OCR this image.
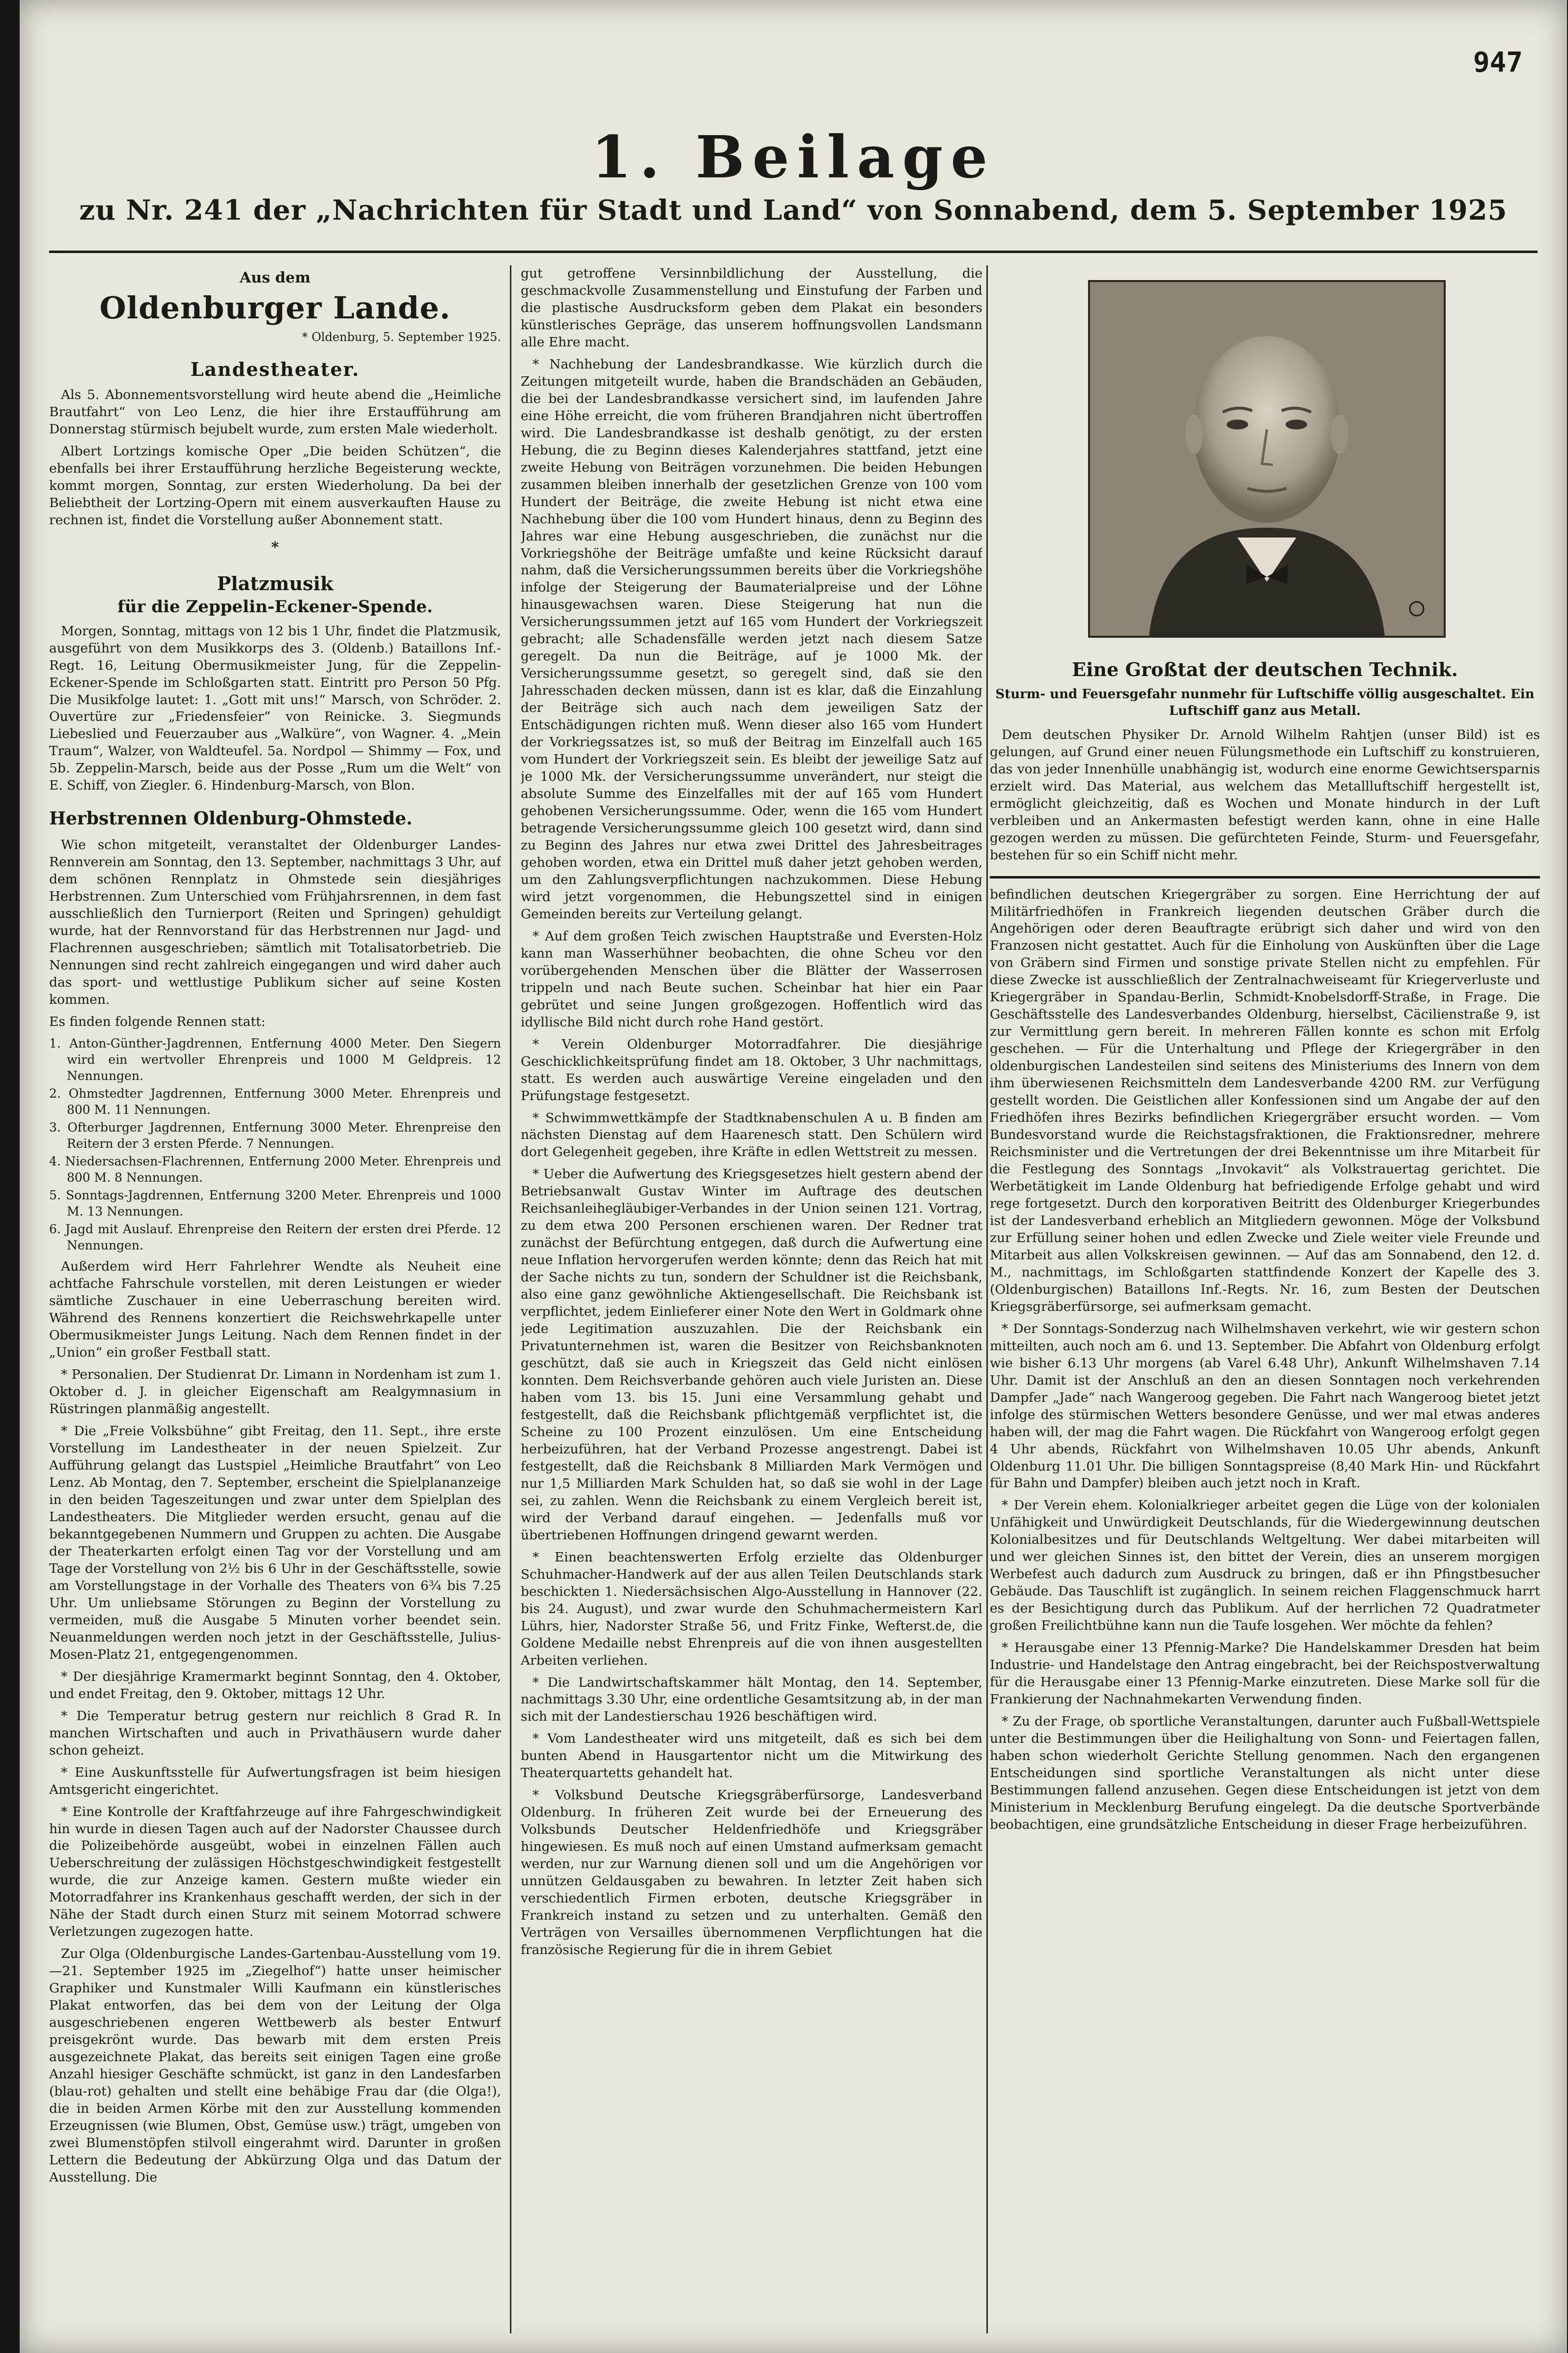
947
1. Beilage
zu Nr. 241 der „Nachrichten für Stadt und Land“ von Sonnabend, dem 5. September 1925
Aus dem
Oldenburger Lande.
* Oldenburg, 5. September 1925.
Landestheater.

Als 5. Abonnementsvorstellung wird heute abend die „Heimliche Brautfahrt“ von Leo Lenz, die hier ihre Erstaufführung am Donnerstag stürmisch bejubelt wurde, zum ersten Male wiederholt.

Albert Lortzings komische Oper „Die beiden Schützen“, die ebenfalls bei ihrer Erstaufführung herzliche Begeisterung weckte, kommt morgen, Sonntag, zur ersten Wiederholung. Da bei der Beliebtheit der Lortzing-Opern mit einem ausverkauften Hause zu rechnen ist, findet die Vorstellung außer Abonnement statt.

*
Platzmusik
für die Zeppelin-Eckener-Spende.

Morgen, Sonntag, mittags von 12 bis 1 Uhr, findet die Platzmusik, ausgeführt von dem Musikkorps des 3. (Oldenb.) Bataillons Inf.-Regt. 16, Leitung Obermusikmeister Jung, für die Zeppelin-Eckener-Spende im Schloßgarten statt. Eintritt pro Person 50 Pfg. Die Musikfolge lautet: 1. „Gott mit uns!“ Marsch, von Schröder. 2. Ouvertüre zur „Friedensfeier“ von Reinicke. 3. Siegmunds Liebeslied und Feuerzauber aus „Walküre“, von Wagner. 4. „Mein Traum“, Walzer, von Waldteufel. 5a. Nordpol — Shimmy — Fox, und 5b. Zeppelin-Marsch, beide aus der Posse „Rum um die Welt“ von E. Schiff, von Ziegler. 6. Hindenburg-Marsch, von Blon.

Herbstrennen Oldenburg-Ohmstede.

Wie schon mitgeteilt, veranstaltet der Oldenburger Landes-Rennverein am Sonntag, den 13. September, nachmittags 3 Uhr, auf dem schönen Rennplatz in Ohmstede sein diesjähriges Herbstrennen. Zum Unterschied vom Frühjahrsrennen, in dem fast ausschließlich den Turnierport (Reiten und Springen) gehuldigt wurde, hat der Rennvorstand für das Herbstrennen nur Jagd- und Flachrennen ausgeschrieben; sämtlich mit Totalisatorbetrieb. Die Nennungen sind recht zahlreich eingegangen und wird daher auch das sport- und wettlustige Publikum sicher auf seine Kosten kommen.

Es finden folgende Rennen statt:

1. Anton-Günther-Jagdrennen, Entfernung 4000 Meter. Den Siegern wird ein wertvoller Ehrenpreis und 1000 M Geldpreis. 12 Nennungen.
2. Ohmstedter Jagdrennen, Entfernung 3000 Meter. Ehrenpreis und 800 M. 11 Nennungen.
3. Ofterburger Jagdrennen, Entfernung 3000 Meter. Ehrenpreise den Reitern der 3 ersten Pferde. 7 Nennungen.
4. Niedersachsen-Flachrennen, Entfernung 2000 Meter. Ehrenpreis und 800 M. 8 Nennungen.
5. Sonntags-Jagdrennen, Entfernung 3200 Meter. Ehrenpreis und 1000 M. 13 Nennungen.
6. Jagd mit Auslauf. Ehrenpreise den Reitern der ersten drei Pferde. 12 Nennungen.

Außerdem wird Herr Fahrlehrer Wendte als Neuheit eine achtfache Fahrschule vorstellen, mit deren Leistungen er wieder sämtliche Zuschauer in eine Ueberraschung bereiten wird. Während des Rennens konzertiert die Reichswehrkapelle unter Obermusikmeister Jungs Leitung. Nach dem Rennen findet in der „Union“ ein großer Festball statt.

* Personalien. Der Studienrat Dr. Limann in Nordenham ist zum 1. Oktober d. J. in gleicher Eigenschaft am Realgymnasium in Rüstringen planmäßig angestellt.

* Die „Freie Volksbühne“ gibt Freitag, den 11. Sept., ihre erste Vorstellung im Landestheater in der neuen Spielzeit. Zur Aufführung gelangt das Lustspiel „Heimliche Brautfahrt“ von Leo Lenz. Ab Montag, den 7. September, erscheint die Spielplananzeige in den beiden Tageszeitungen und zwar unter dem Spielplan des Landestheaters. Die Mitglieder werden ersucht, genau auf die bekanntgegebenen Nummern und Gruppen zu achten. Die Ausgabe der Theaterkarten erfolgt einen Tag vor der Vorstellung und am Tage der Vorstellung von 2½ bis 6 Uhr in der Geschäftsstelle, sowie am Vorstellungstage in der Vorhalle des Theaters von 6¾ bis 7.25 Uhr. Um unliebsame Störungen zu Beginn der Vorstellung zu vermeiden, muß die Ausgabe 5 Minuten vorher beendet sein. Neuanmeldungen werden noch jetzt in der Geschäftsstelle, Julius-Mosen-Platz 21, entgegengenommen.

* Der diesjährige Kramermarkt beginnt Sonntag, den 4. Oktober, und endet Freitag, den 9. Oktober, mittags 12 Uhr.

* Die Temperatur betrug gestern nur reichlich 8 Grad R. In manchen Wirtschaften und auch in Privathäusern wurde daher schon geheizt.

* Eine Auskunftsstelle für Aufwertungsfragen ist beim hiesigen Amtsgericht eingerichtet.

* Eine Kontrolle der Kraftfahrzeuge auf ihre Fahrgeschwindigkeit hin wurde in diesen Tagen auch auf der Nadorster Chaussee durch die Polizeibehörde ausgeübt, wobei in einzelnen Fällen auch Ueberschreitung der zulässigen Höchstgeschwindigkeit festgestellt wurde, die zur Anzeige kamen. Gestern mußte wieder ein Motorradfahrer ins Krankenhaus geschafft werden, der sich in der Nähe der Stadt durch einen Sturz mit seinem Motorrad schwere Verletzungen zugezogen hatte.

Zur Olga (Oldenburgische Landes-Gartenbau-Ausstellung vom 19.—21. September 1925 im „Ziegelhof“) hatte unser heimischer Graphiker und Kunstmaler Willi Kaufmann ein künstlerisches Plakat entworfen, das bei dem von der Leitung der Olga ausgeschriebenen engeren Wettbewerb als bester Entwurf preisgekrönt wurde. Das bewarb mit dem ersten Preis ausgezeichnete Plakat, das bereits seit einigen Tagen eine große Anzahl hiesiger Geschäfte schmückt, ist ganz in den Landesfarben (blau-rot) gehalten und stellt eine behäbige Frau dar (die Olga!), die in beiden Armen Körbe mit den zur Ausstellung kommenden Erzeugnissen (wie Blumen, Obst, Gemüse usw.) trägt, umgeben von zwei Blumenstöpfen stilvoll eingerahmt wird. Darunter in großen Lettern die Bedeutung der Abkürzung Olga und das Datum der Ausstellung. Die

gut getroffene Versinnbildlichung der Ausstellung, die geschmackvolle Zusammenstellung und Einstufung der Farben und die plastische Ausdrucksform geben dem Plakat ein besonders künstlerisches Gepräge, das unserem hoffnungsvollen Landsmann alle Ehre macht.

* Nachhebung der Landesbrandkasse. Wie kürzlich durch die Zeitungen mitgeteilt wurde, haben die Brandschäden an Gebäuden, die bei der Landesbrandkasse versichert sind, im laufenden Jahre eine Höhe erreicht, die vom früheren Brandjahren nicht übertroffen wird. Die Landesbrandkasse ist deshalb genötigt, zu der ersten Hebung, die zu Beginn dieses Kalenderjahres stattfand, jetzt eine zweite Hebung von Beiträgen vorzunehmen. Die beiden Hebungen zusammen bleiben innerhalb der gesetzlichen Grenze von 100 vom Hundert der Beiträge, die zweite Hebung ist nicht etwa eine Nachhebung über die 100 vom Hundert hinaus, denn zu Beginn des Jahres war eine Hebung ausgeschrieben, die zunächst nur die Vorkriegshöhe der Beiträge umfaßte und keine Rücksicht darauf nahm, daß die Versicherungssummen bereits über die Vorkriegshöhe infolge der Steigerung der Baumaterialpreise und der Löhne hinausgewachsen waren. Diese Steigerung hat nun die Versicherungssummen jetzt auf 165 vom Hundert der Vorkriegszeit gebracht; alle Schadensfälle werden jetzt nach diesem Satze geregelt. Da nun die Beiträge, auf je 1000 Mk. der Versicherungssumme gesetzt, so geregelt sind, daß sie den Jahresschaden decken müssen, dann ist es klar, daß die Einzahlung der Beiträge sich auch nach dem jeweiligen Satz der Entschädigungen richten muß. Wenn dieser also 165 vom Hundert der Vorkriegssatzes ist, so muß der Beitrag im Einzelfall auch 165 vom Hundert der Vorkriegszeit sein. Es bleibt der jeweilige Satz auf je 1000 Mk. der Versicherungssumme unverändert, nur steigt die absolute Summe des Einzelfalles mit der auf 165 vom Hundert gehobenen Versicherungssumme. Oder, wenn die 165 vom Hundert betragende Versicherungssumme gleich 100 gesetzt wird, dann sind zu Beginn des Jahres nur etwa zwei Drittel des Jahresbeitrages gehoben worden, etwa ein Drittel muß daher jetzt gehoben werden, um den Zahlungsverpflichtungen nachzukommen. Diese Hebung wird jetzt vorgenommen, die Hebungszettel sind in einigen Gemeinden bereits zur Verteilung gelangt.

* Auf dem großen Teich zwischen Hauptstraße und Eversten-Holz kann man Wasserhühner beobachten, die ohne Scheu vor den vorübergehenden Menschen über die Blätter der Wasserrosen trippeln und nach Beute suchen. Scheinbar hat hier ein Paar gebrütet und seine Jungen großgezogen. Hoffentlich wird das idyllische Bild nicht durch rohe Hand gestört.

* Verein Oldenburger Motorradfahrer. Die diesjährige Geschicklichkeitsprüfung findet am 18. Oktober, 3 Uhr nachmittags, statt. Es werden auch auswärtige Vereine eingeladen und den Prüfungstage festgesetzt.

* Schwimmwettkämpfe der Stadtknabenschulen A u. B finden am nächsten Dienstag auf dem Haarenesch statt. Den Schülern wird dort Gelegenheit gegeben, ihre Kräfte in edlen Wettstreit zu messen.

* Ueber die Aufwertung des Kriegsgesetzes hielt gestern abend der Betriebsanwalt Gustav Winter im Auftrage des deutschen Reichsanleihegläubiger-Verbandes in der Union seinen 121. Vortrag, zu dem etwa 200 Personen erschienen waren. Der Redner trat zunächst der Befürchtung entgegen, daß durch die Aufwertung eine neue Inflation hervorgerufen werden könnte; denn das Reich hat mit der Sache nichts zu tun, sondern der Schuldner ist die Reichsbank, also eine ganz gewöhnliche Aktiengesellschaft. Die Reichsbank ist verpflichtet, jedem Einlieferer einer Note den Wert in Goldmark ohne jede Legitimation auszuzahlen. Die der Reichsbank ein Privatunternehmen ist, waren die Besitzer von Reichsbanknoten geschützt, daß sie auch in Kriegszeit das Geld nicht einlösen konnten. Dem Reichsverbande gehören auch viele Juristen an. Diese haben vom 13. bis 15. Juni eine Versammlung gehabt und festgestellt, daß die Reichsbank pflichtgemäß verpflichtet ist, die Scheine zu 100 Prozent einzulösen. Um eine Entscheidung herbeizuführen, hat der Verband Prozesse angestrengt. Dabei ist festgestellt, daß die Reichsbank 8 Milliarden Mark Vermögen und nur 1,5 Milliarden Mark Schulden hat, so daß sie wohl in der Lage sei, zu zahlen. Wenn die Reichsbank zu einem Vergleich bereit ist, wird der Verband darauf eingehen. — Jedenfalls muß vor übertriebenen Hoffnungen dringend gewarnt werden.

* Einen beachtenswerten Erfolg erzielte das Oldenburger Schuhmacher-Handwerk auf der aus allen Teilen Deutschlands stark beschickten 1. Niedersächsischen Algo-Ausstellung in Hannover (22. bis 24. August), und zwar wurde den Schuhmachermeistern Karl Lührs, hier, Nadorster Straße 56, und Fritz Finke, Wefterst.de, die Goldene Medaille nebst Ehrenpreis auf die von ihnen ausgestellten Arbeiten verliehen.

* Die Landwirtschaftskammer hält Montag, den 14. September, nachmittags 3.30 Uhr, eine ordentliche Gesamtsitzung ab, in der man sich mit der Landestierschau 1926 beschäftigen wird.

* Vom Landestheater wird uns mitgeteilt, daß es sich bei dem bunten Abend in Hausgartentor nicht um die Mitwirkung des Theaterquartetts gehandelt hat.

* Volksbund Deutsche Kriegsgräberfürsorge, Landesverband Oldenburg. In früheren Zeit wurde bei der Erneuerung des Volksbunds Deutscher Heldenfriedhöfe und Kriegsgräber hingewiesen. Es muß noch auf einen Umstand aufmerksam gemacht werden, nur zur Warnung dienen soll und um die Angehörigen vor unnützen Geldausgaben zu bewahren. In letzter Zeit haben sich verschiedentlich Firmen erboten, deutsche Kriegsgräber in Frankreich instand zu setzen und zu unterhalten. Gemäß den Verträgen von Versailles übernommenen Verpflichtungen hat die französische Regierung für die in ihrem Gebiet

Eine Großtat der deutschen Technik.
Sturm- und Feuersgefahr nunmehr für Luftschiffe völlig ausgeschaltet. Ein Luftschiff ganz aus Metall.

Dem deutschen Physiker Dr. Arnold Wilhelm Rahtjen (unser Bild) ist es gelungen, auf Grund einer neuen Fülungsmethode ein Luftschiff zu konstruieren, das von jeder Innenhülle unabhängig ist, wodurch eine enorme Gewichtsersparnis erzielt wird. Das Material, aus welchem das Metallluftschiff hergestellt ist, ermöglicht gleichzeitig, daß es Wochen und Monate hindurch in der Luft verbleiben und an Ankermasten befestigt werden kann, ohne in eine Halle gezogen werden zu müssen. Die gefürchteten Feinde, Sturm- und Feuersgefahr, bestehen für so ein Schiff nicht mehr.

befindlichen deutschen Kriegergräber zu sorgen. Eine Herrichtung der auf Militärfriedhöfen in Frankreich liegenden deutschen Gräber durch die Angehörigen oder deren Beauftragte erübrigt sich daher und wird von den Franzosen nicht gestattet. Auch für die Einholung von Auskünften über die Lage von Gräbern sind Firmen und sonstige private Stellen nicht zu empfehlen. Für diese Zwecke ist ausschließlich der Zentralnachweiseamt für Kriegerverluste und Kriegergräber in Spandau-Berlin, Schmidt-Knobelsdorff-Straße, in Frage. Die Geschäftsstelle des Landesverbandes Oldenburg, hierselbst, Cäcilienstraße 9, ist zur Vermittlung gern bereit. In mehreren Fällen konnte es schon mit Erfolg geschehen. — Für die Unterhaltung und Pflege der Kriegergräber in den oldenburgischen Landesteilen sind seitens des Ministeriums des Innern von dem ihm überwiesenen Reichsmitteln dem Landesverbande 4200 RM. zur Verfügung gestellt worden. Die Geistlichen aller Konfessionen sind um Angabe der auf den Friedhöfen ihres Bezirks befindlichen Kriegergräber ersucht worden. — Vom Bundesvorstand wurde die Reichstagsfraktionen, die Fraktionsredner, mehrere Reichsminister und die Vertretungen der drei Bekenntnisse um ihre Mitarbeit für die Festlegung des Sonntags „Invokavit“ als Volkstrauertag gerichtet. Die Werbetätigkeit im Lande Oldenburg hat befriedigende Erfolge gehabt und wird rege fortgesetzt. Durch den korporativen Beitritt des Oldenburger Kriegerbundes ist der Landesverband erheblich an Mitgliedern gewonnen. Möge der Volksbund zur Erfüllung seiner hohen und edlen Zwecke und Ziele weiter viele Freunde und Mitarbeit aus allen Volkskreisen gewinnen. — Auf das am Sonnabend, den 12. d. M., nachmittags, im Schloßgarten stattfindende Konzert der Kapelle des 3. (Oldenburgischen) Bataillons Inf.-Regts. Nr. 16, zum Besten der Deutschen Kriegsgräberfürsorge, sei aufmerksam gemacht.

* Der Sonntags-Sonderzug nach Wilhelmshaven verkehrt, wie wir gestern schon mitteilten, auch noch am 6. und 13. September. Die Abfahrt von Oldenburg erfolgt wie bisher 6.13 Uhr morgens (ab Varel 6.48 Uhr), Ankunft Wilhelmshaven 7.14 Uhr. Damit ist der Anschluß an den an diesen Sonntagen noch verkehrenden Dampfer „Jade“ nach Wangeroog gegeben. Die Fahrt nach Wangeroog bietet jetzt infolge des stürmischen Wetters besondere Genüsse, und wer mal etwas anderes haben will, der mag die Fahrt wagen. Die Rückfahrt von Wangeroog erfolgt gegen 4 Uhr abends, Rückfahrt von Wilhelmshaven 10.05 Uhr abends, Ankunft Oldenburg 11.01 Uhr. Die billigen Sonntagspreise (8,40 Mark Hin- und Rückfahrt für Bahn und Dampfer) bleiben auch jetzt noch in Kraft.

* Der Verein ehem. Kolonialkrieger arbeitet gegen die Lüge von der kolonialen Unfähigkeit und Unwürdigkeit Deutschlands, für die Wiedergewinnung deutschen Kolonialbesitzes und für Deutschlands Weltgeltung. Wer dabei mitarbeiten will und wer gleichen Sinnes ist, den bittet der Verein, dies an unserem morgigen Werbefest auch dadurch zum Ausdruck zu bringen, daß er ihn Pfingstbesucher Gebäude. Das Tauschlift ist zugänglich. In seinem reichen Flaggenschmuck harrt es der Besichtigung durch das Publikum. Auf der herrlichen 72 Quadratmeter großen Freilichtbühne kann nun die Taufe losgehen. Wer möchte da fehlen?

* Herausgabe einer 13 Pfennig-Marke? Die Handelskammer Dresden hat beim Industrie- und Handelstage den Antrag eingebracht, bei der Reichspostverwaltung für die Herausgabe einer 13 Pfennig-Marke einzutreten. Diese Marke soll für die Frankierung der Nachnahmekarten Verwendung finden.

* Zu der Frage, ob sportliche Veranstaltungen, darunter auch Fußball-Wettspiele unter die Bestimmungen über die Heilighaltung von Sonn- und Feiertagen fallen, haben schon wiederholt Gerichte Stellung genommen. Nach den ergangenen Entscheidungen sind sportliche Veranstaltungen als nicht unter diese Bestimmungen fallend anzusehen. Gegen diese Entscheidungen ist jetzt von dem Ministerium in Mecklenburg Berufung eingelegt. Da die deutsche Sportverbände beobachtigen, eine grundsätzliche Entscheidung in dieser Frage herbeizuführen.
